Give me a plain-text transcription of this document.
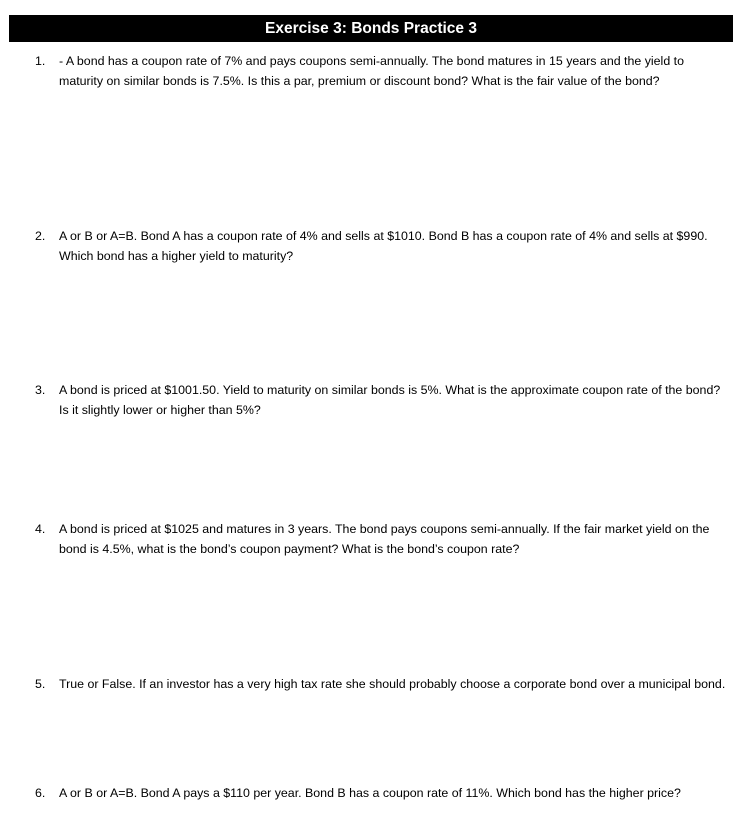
Exercise 3: Bonds Practice 3
1. - A bond has a coupon rate of 7% and pays coupons semi-annually. The bond matures in 15 years and the yield to maturity on similar bonds is 7.5%. Is this a par, premium or discount bond? What is the fair value of the bond?
2. A or B or A=B. Bond A has a coupon rate of 4% and sells at $1010. Bond B has a coupon rate of 4% and sells at $990. Which bond has a higher yield to maturity?
3. A bond is priced at $1001.50. Yield to maturity on similar bonds is 5%. What is the approximate coupon rate of the bond? Is it slightly lower or higher than 5%?
4. A bond is priced at $1025 and matures in 3 years. The bond pays coupons semi-annually. If the fair market yield on the bond is 4.5%, what is the bond’s coupon payment? What is the bond’s coupon rate?
5. True or False. If an investor has a very high tax rate she should probably choose a corporate bond over a municipal bond.
6. A or B or A=B. Bond A pays a $110 per year. Bond B has a coupon rate of 11%. Which bond has the higher price?
